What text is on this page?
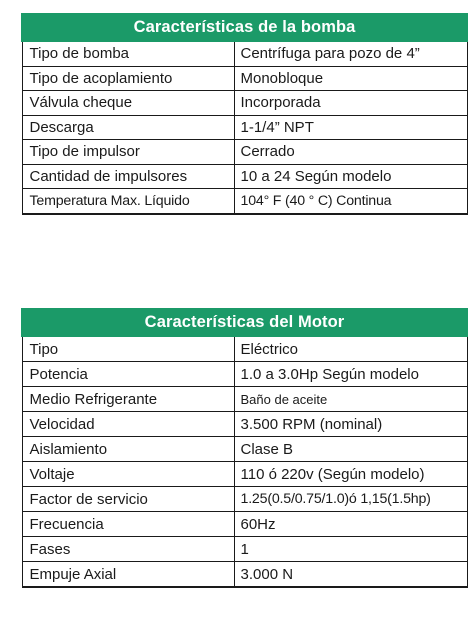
Características de la bomba	
Tipo de bomba	Centrífuga para pozo de 4”
Tipo de acoplamiento	Monobloque
Válvula cheque	Incorporada
Descarga	1-1/4” NPT
Tipo de impulsor	Cerrado
Cantidad de impulsores	10 a 24 Según modelo
Temperatura Max. Líquido	104° F (40 ° C) Continua
Características del Motor	
Tipo	Eléctrico
Potencia	1.0 a 3.0Hp Según modelo
Medio Refrigerante	Baño de aceite
Velocidad	3.500 RPM (nominal)
Aislamiento	Clase B
Voltaje	110 ó 220v (Según modelo)
Factor de servicio	1.25(0.5/0.75/1.0)ó 1,15(1.5hp)
Frecuencia	60Hz
Fases	1
Empuje Axial	3.000 N
